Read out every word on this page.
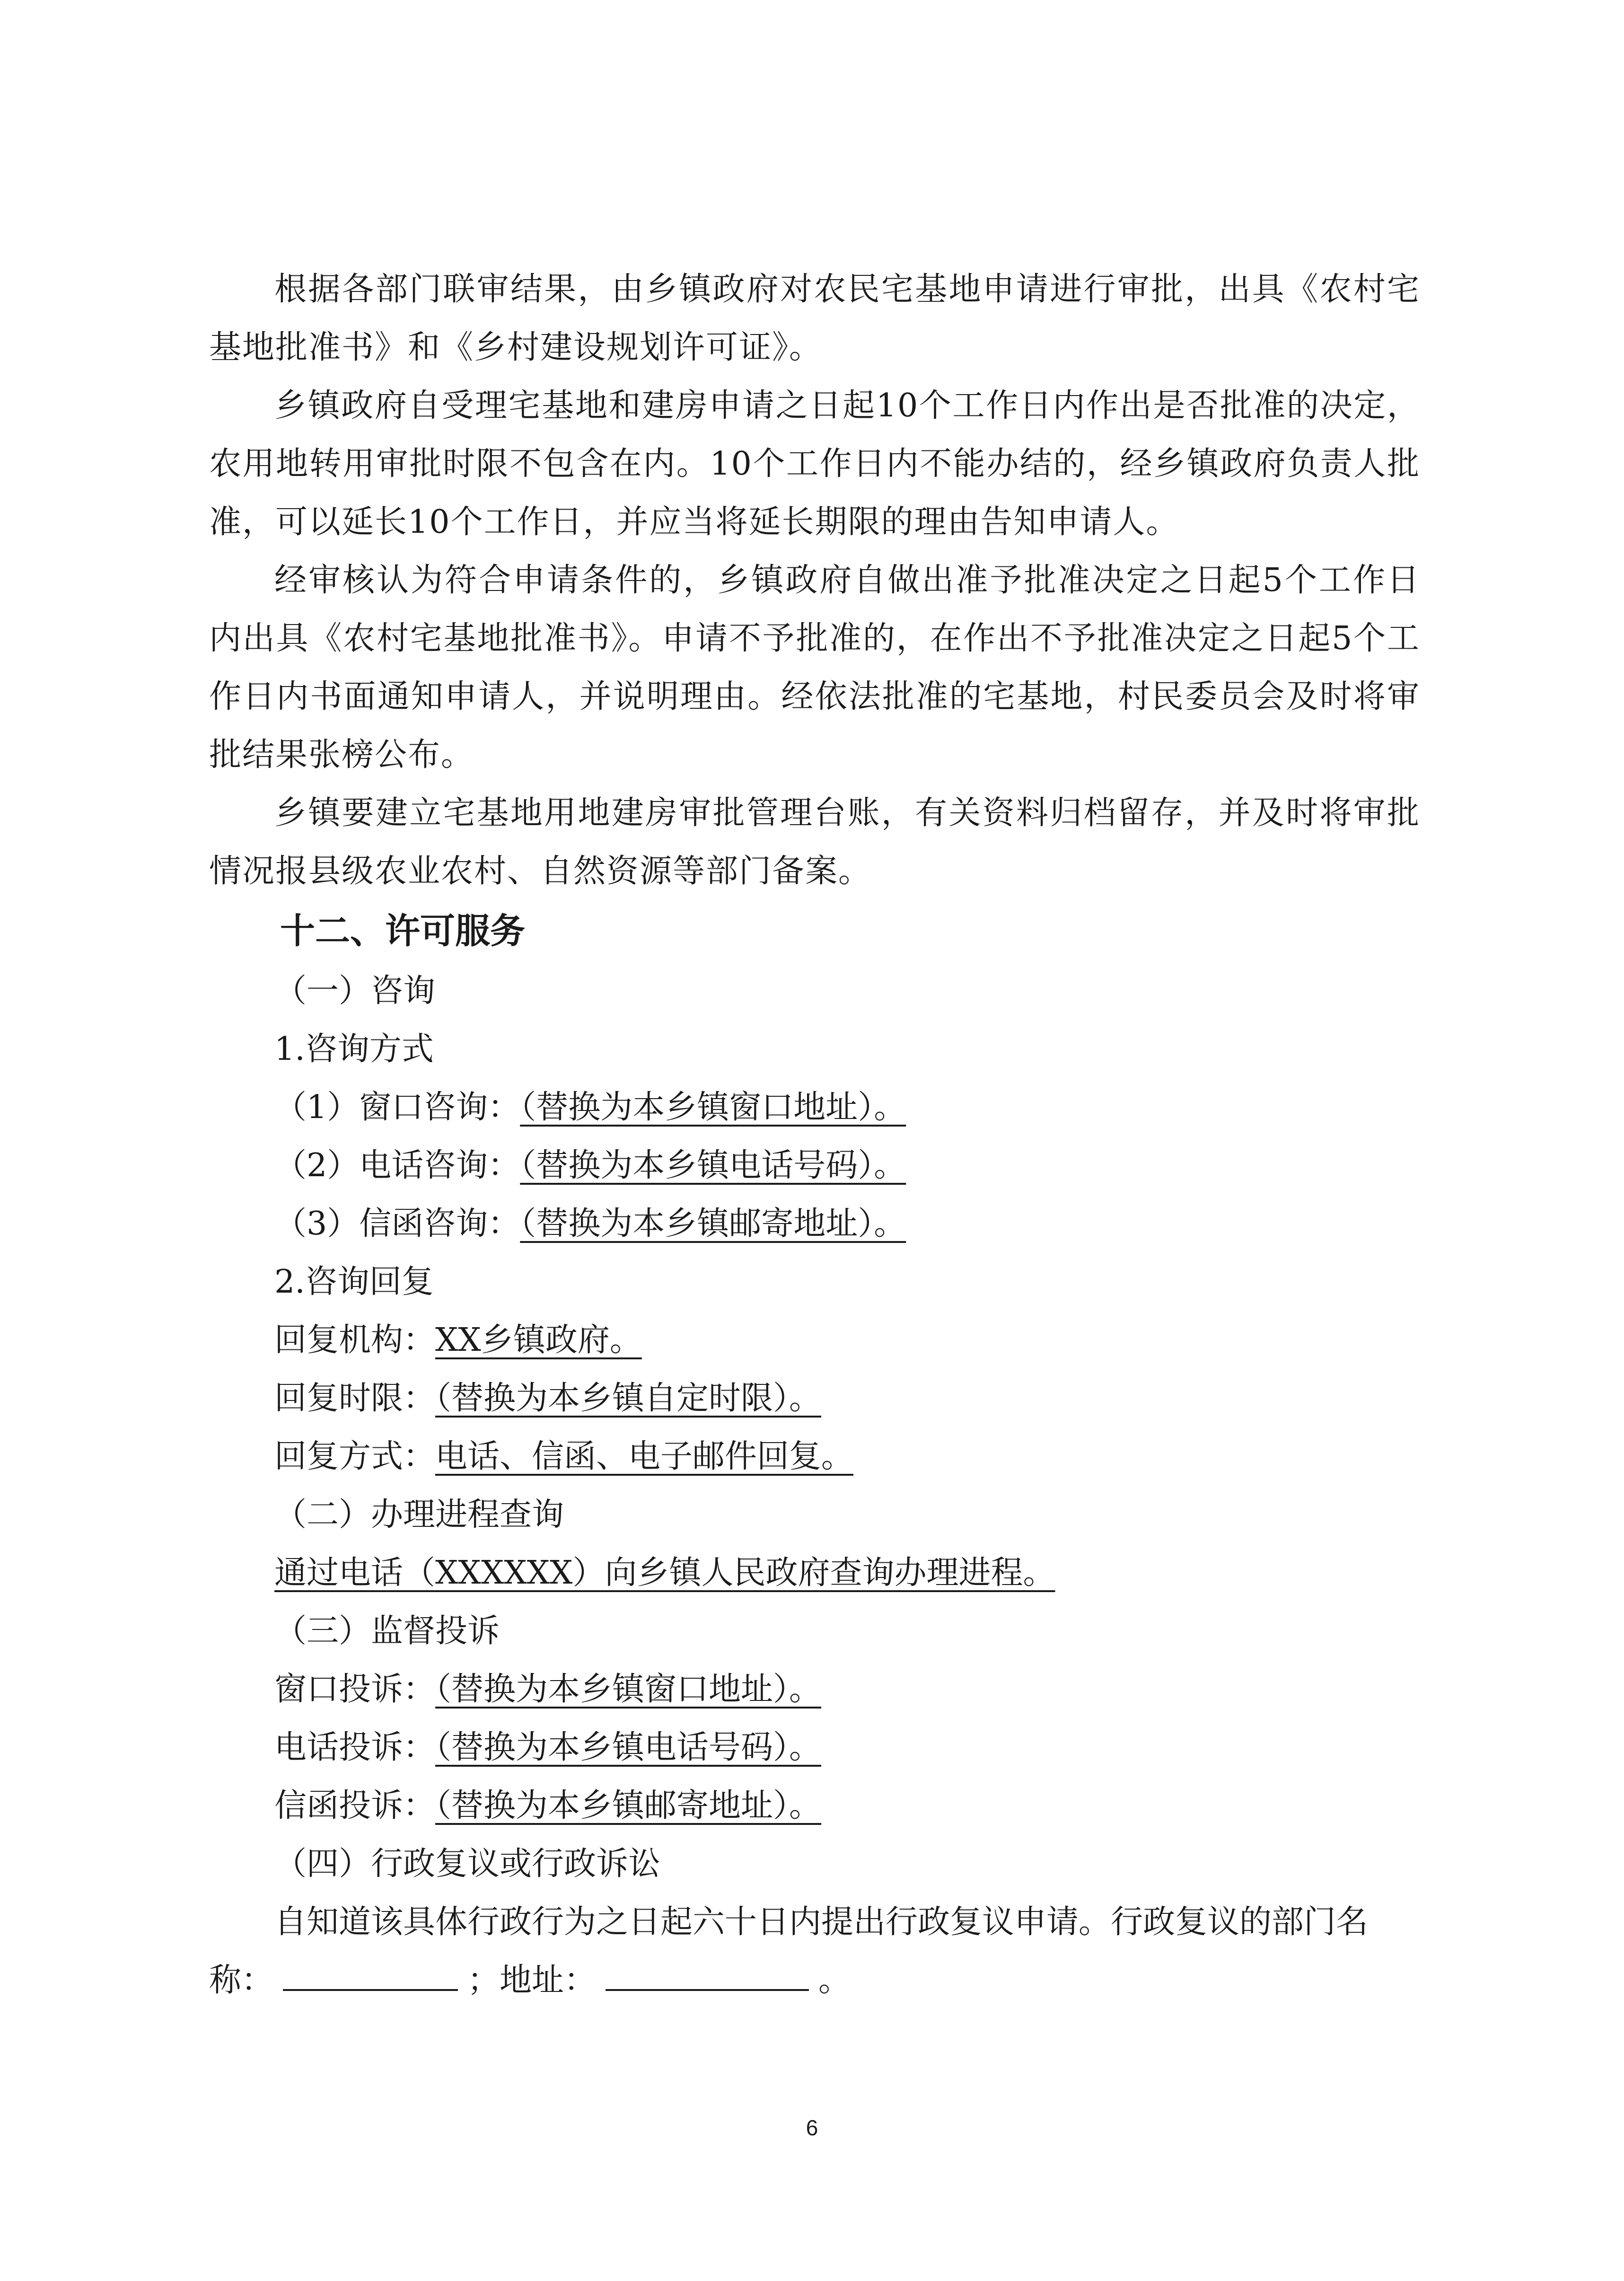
根据各部门联审结果，由乡镇政府对农民宅基地申请进行审批，出具《农村宅基地批准书》和《乡村建设规划许可证》。

乡镇政府自受理宅基地和建房申请之日起10个工作日内作出是否批准的决定，农用地转用审批时限不包含在内。10个工作日内不能办结的，经乡镇政府负责人批准，可以延长10个工作日，并应当将延长期限的理由告知申请人。

经审核认为符合申请条件的，乡镇政府自做出准予批准决定之日起5个工作日内出具《农村宅基地批准书》。申请不予批准的，在作出不予批准决定之日起5个工作日内书面通知申请人，并说明理由。经依法批准的宅基地，村民委员会及时将审批结果张榜公布。

乡镇要建立宅基地用地建房审批管理台账，有关资料归档留存，并及时将审批情况报县级农业农村、自然资源等部门备案。

十二、许可服务

（一）咨询

1.咨询方式

（1）窗口咨询：（替换为本乡镇窗口地址）。

（2）电话咨询：（替换为本乡镇电话号码）。

（3）信函咨询：（替换为本乡镇邮寄地址）。

2.咨询回复

回复机构：XX乡镇政府。

回复时限：（替换为本乡镇自定时限）。

回复方式：电话、信函、电子邮件回复。

（二）办理进程查询

通过电话（XXXXXX）向乡镇人民政府查询办理进程。

（三）监督投诉

窗口投诉：（替换为本乡镇窗口地址）。

电话投诉：（替换为本乡镇电话号码）。

信函投诉：（替换为本乡镇邮寄地址）。

（四）行政复议或行政诉讼

自知道该具体行政行为之日起六十日内提出行政复议申请。行政复议的部门名

称：	；地址：	。

6
